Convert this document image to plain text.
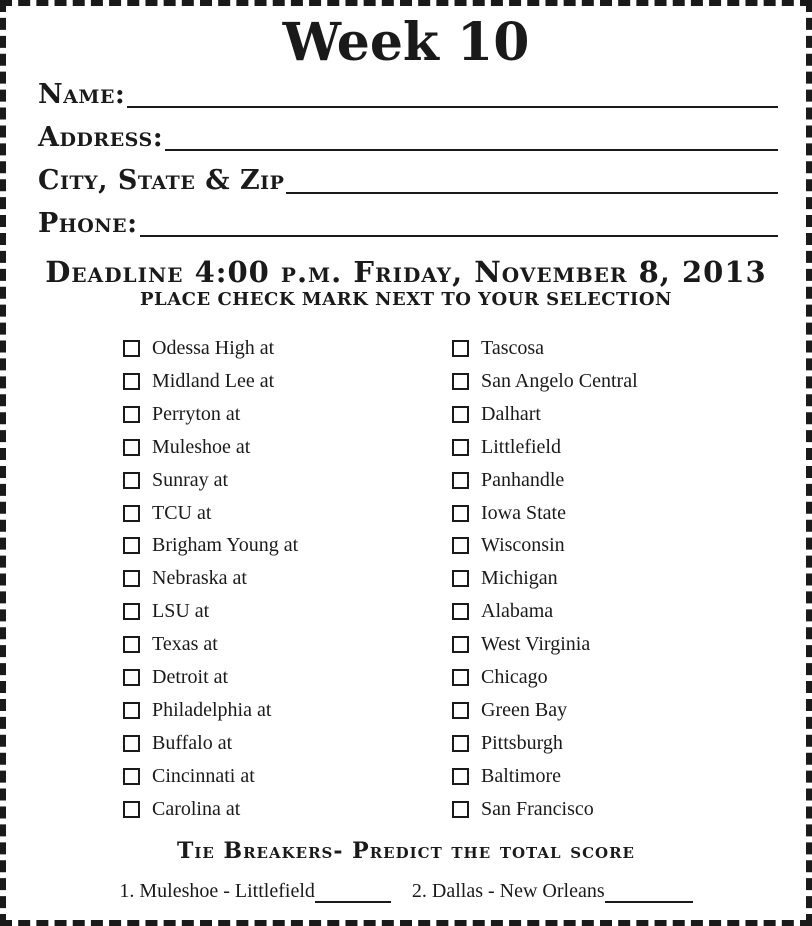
Week 10
Name:
Address:
City, State & Zip
Phone:
Deadline 4:00 p.m. Friday, November 8, 2013
PLACE CHECK MARK NEXT TO YOUR SELECTION
Odessa High at	Tascosa
Midland Lee at	San Angelo Central
Perryton at	Dalhart
Muleshoe at	Littlefield
Sunray at	Panhandle
TCU at	Iowa State
Brigham Young at	Wisconsin
Nebraska at	Michigan
LSU at	Alabama
Texas at	West Virginia
Detroit at	Chicago
Philadelphia at	Green Bay
Buffalo at	Pittsburgh
Cincinnati at	Baltimore
Carolina at	San Francisco
Tie Breakers- Predict the total score
1. Muleshoe - Littlefield
	2. Dallas - New Orleans
